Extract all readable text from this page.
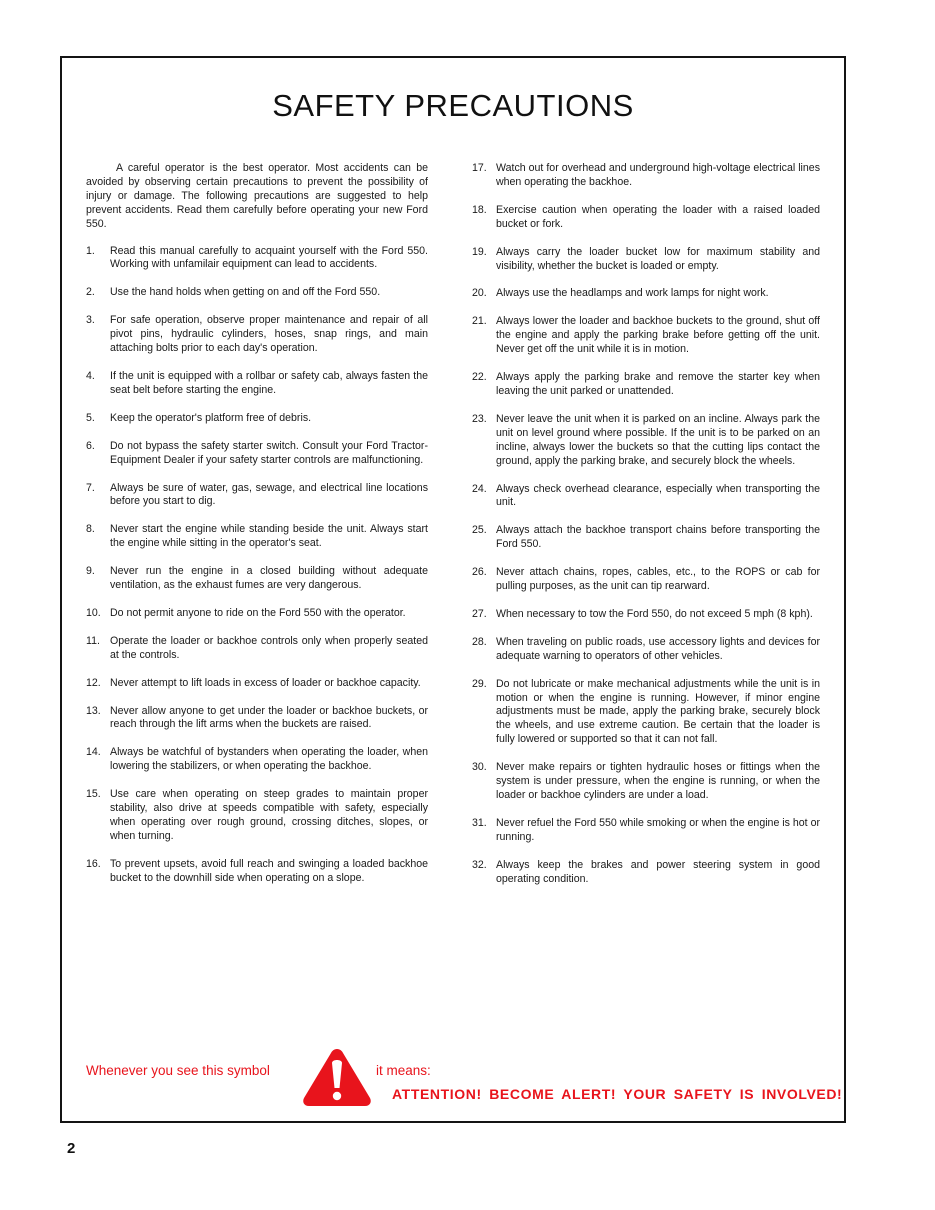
SAFETY PRECAUTIONS

A careful operator is the best operator. Most accidents can be avoided by observing certain precautions to prevent the possibility of injury or damage. The following precautions are suggested to help prevent accidents. Read them carefully before operating your new Ford 550.

1.	Read this manual carefully to acquaint yourself with the Ford 550. Working with unfamilair equipment can lead to accidents.
2.	Use the hand holds when getting on and off the Ford 550.
3.	For safe operation, observe proper maintenance and repair of all pivot pins, hydraulic cylinders, hoses, snap rings, and main attaching bolts prior to each day's operation.
4.	If the unit is equipped with a rollbar or safety cab, always fasten the seat belt before starting the engine.
5.	Keep the operator's platform free of debris.
6.	Do not bypass the safety starter switch. Consult your Ford Tractor-Equipment Dealer if your safety starter controls are malfunctioning.
7.	Always be sure of water, gas, sewage, and electrical line locations before you start to dig.
8.	Never start the engine while standing beside the unit. Always start the engine while sitting in the operator's seat.
9.	Never run the engine in a closed building without adequate ventilation, as the exhaust fumes are very dangerous.
10. Do not permit anyone to ride on the Ford 550 with the operator.
11. Operate the loader or backhoe controls only when properly seated at the controls.
12. Never attempt to lift loads in excess of loader or backhoe capacity.
13. Never allow anyone to get under the loader or backhoe buckets, or reach through the lift arms when the buckets are raised.
14. Always be watchful of bystanders when operating the loader, when lowering the stabilizers, or when operating the backhoe.
15. Use care when operating on steep grades to maintain proper stability, also drive at speeds compatible with safety, especially when operating over rough ground, crossing ditches, slopes, or when turning.
16. To prevent upsets, avoid full reach and swinging a loaded backhoe bucket to the downhill side when operating on a slope.
17. Watch out for overhead and underground high-voltage electrical lines when operating the backhoe.
18. Exercise caution when operating the loader with a raised loaded bucket or fork.
19. Always carry the loader bucket low for maximum stability and visibility, whether the bucket is loaded or empty.
20. Always use the headlamps and work lamps for night work.
21. Always lower the loader and backhoe buckets to the ground, shut off the engine and apply the parking brake before getting off the unit. Never get off the unit while it is in motion.
22. Always apply the parking brake and remove the starter key when leaving the unit parked or unattended.
23. Never leave the unit when it is parked on an incline. Always park the unit on level ground where possible. If the unit is to be parked on an incline, always lower the buckets so that the cutting lips contact the ground, apply the parking brake, and securely block the wheels.
24. Always check overhead clearance, especially when transporting the unit.
25. Always attach the backhoe transport chains before transporting the Ford 550.
26. Never attach chains, ropes, cables, etc., to the ROPS or cab for pulling purposes, as the unit can tip rearward.
27. When necessary to tow the Ford 550, do not exceed 5 mph (8 kph).
28. When traveling on public roads, use accessory lights and devices for adequate warning to operators of other vehicles.
29. Do not lubricate or make mechanical adjustments while the unit is in motion or when the engine is running. However, if minor engine adjustments must be made, apply the parking brake, securely block the wheels, and use extreme caution. Be certain that the loader is fully lowered or supported so that it can not fall.
30. Never make repairs or tighten hydraulic hoses or fittings when the system is under pressure, when the engine is running, or when the loader or backhoe cylinders are under a load.
31. Never refuel the Ford 550 while smoking or when the engine is hot or running.
32. Always keep the brakes and power steering system in good operating condition.
Whenever you see this symbol	it means:
ATTENTION! BECOME ALERT! YOUR SAFETY IS INVOLVED!
2
